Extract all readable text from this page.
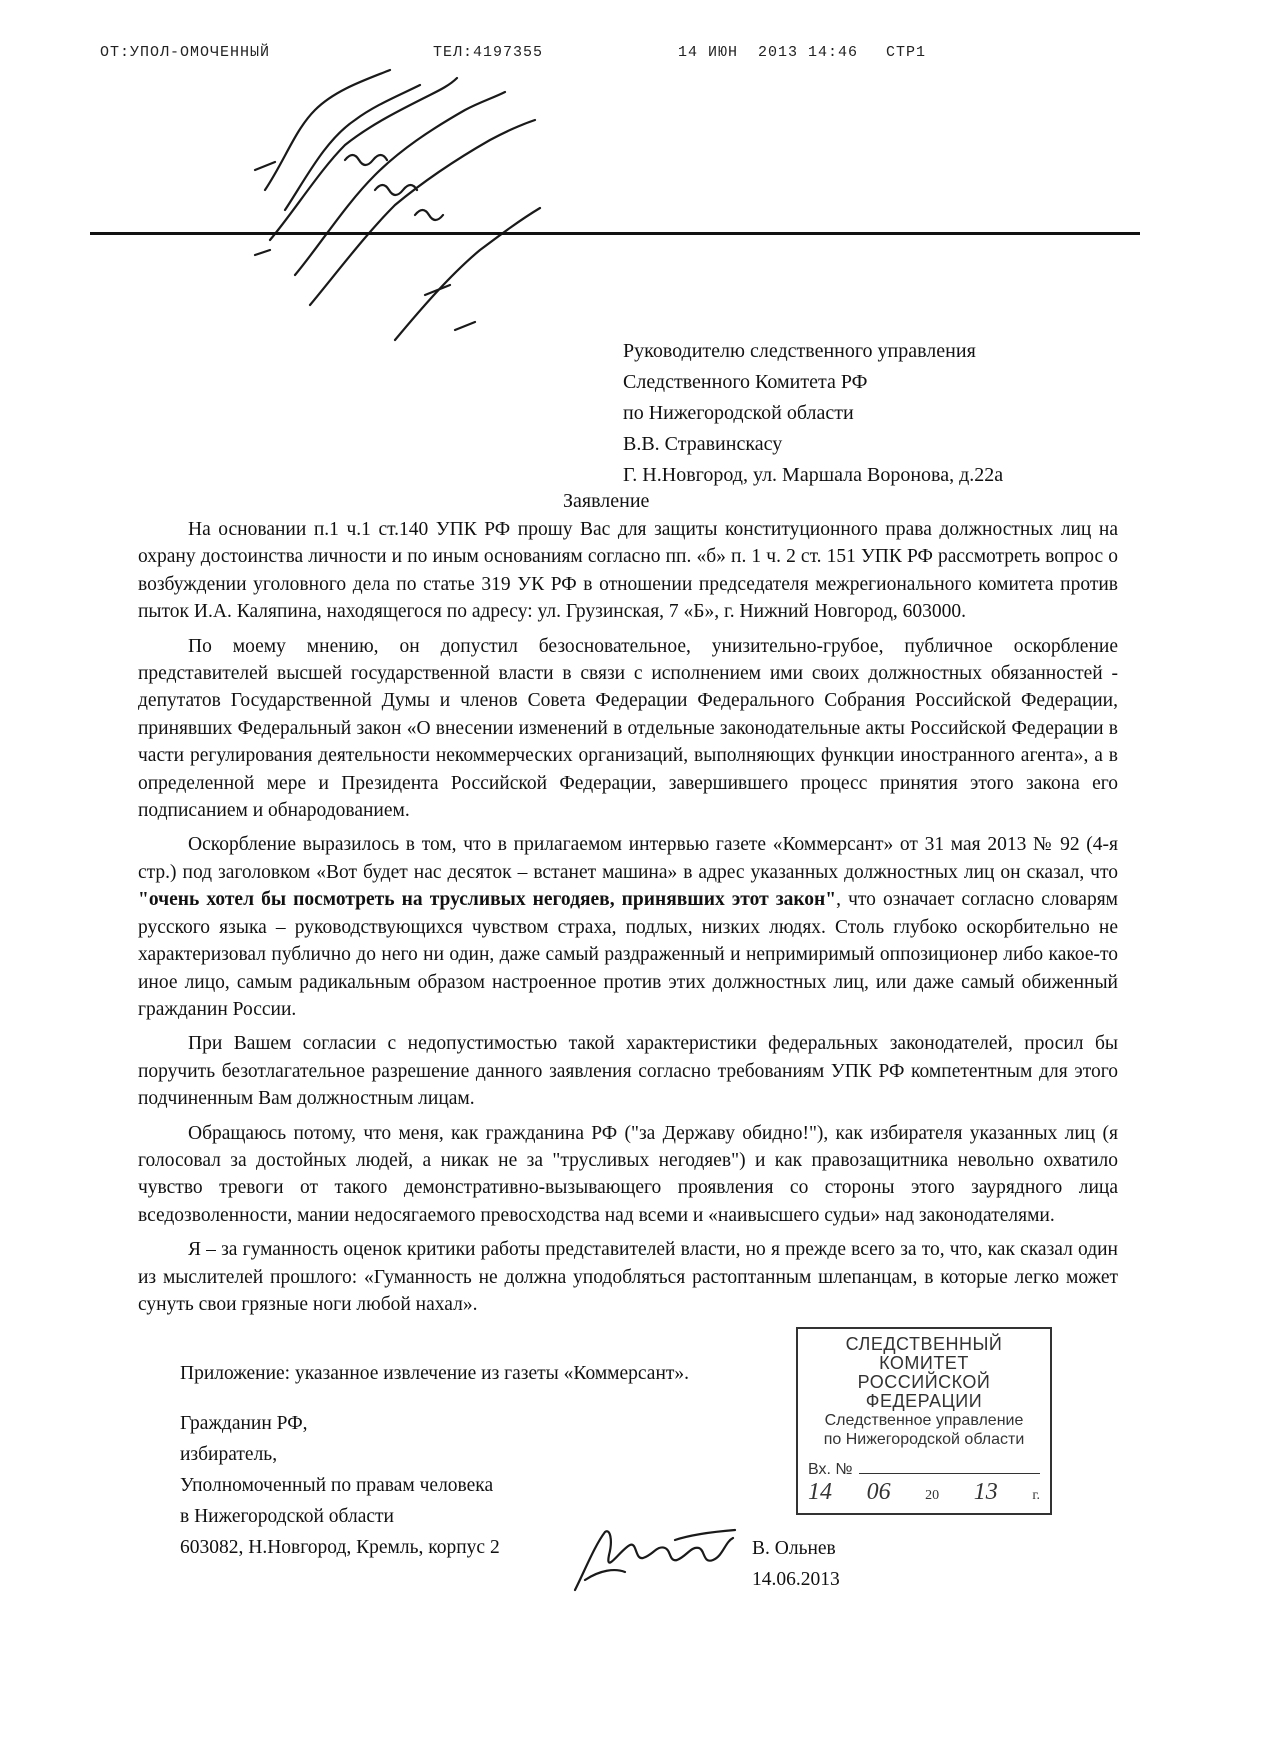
ОТ:УПОЛ-ОМОЧЕННЫЙ	ТЕЛ:4197355	14 ИЮН  2013 14:46 СТР1
Руководителю следственного управления
Следственного Комитета РФ
по Нижегородской области
В.В. Стравинскасу
Г. Н.Новгород, ул. Маршала Воронова, д.22а
Заявление

На основании п.1 ч.1 ст.140 УПК РФ прошу Вас для защиты конституционного права должностных лиц на охрану достоинства личности и по иным основаниям согласно пп. «б» п. 1 ч. 2 ст. 151 УПК РФ рассмотреть вопрос о возбуждении уголовного дела по статье 319 УК РФ в отношении председателя межрегионального комитета против пыток И.А. Каляпина, находящегося по адресу: ул. Грузинская, 7 «Б», г. Нижний Новгород, 603000.

По моему мнению, он допустил безосновательное, унизительно-грубое, публичное оскорбление представителей высшей государственной власти в связи с исполнением ими своих должностных обязанностей - депутатов Государственной Думы и членов Совета Федерации Федерального Собрания Российской Федерации, принявших Федеральный закон «О внесении изменений в отдельные законодательные акты Российской Федерации в части регулирования деятельности некоммерческих организаций, выполняющих функции иностранного агента», а в определенной мере и Президента Российской Федерации, завершившего процесс принятия этого закона его подписанием и обнародованием.

Оскорбление выразилось в том, что в прилагаемом интервью газете «Коммерсант» от 31 мая 2013 № 92 (4-я стр.) под заголовком «Вот будет нас десяток – встанет машина» в адрес указанных должностных лиц он сказал, что "очень хотел бы посмотреть на трусливых негодяев, принявших этот закон", что означает согласно словарям русского языка – руководствующихся чувством страха, подлых, низких людях. Столь глубоко оскорбительно не характеризовал публично до него ни один, даже самый раздраженный и непримиримый оппозиционер либо какое-то иное лицо, самым радикальным образом настроенное против этих должностных лиц, или даже самый обиженный гражданин России.

При Вашем согласии с недопустимостью такой характеристики федеральных законодателей, просил бы поручить безотлагательное разрешение данного заявления согласно требованиям УПК РФ компетентным для этого подчиненным Вам должностным лицам.

Обращаюсь потому, что меня, как гражданина РФ ("за Державу обидно!"), как избирателя указанных лиц (я голосовал за достойных людей, а никак не за "трусливых негодяев") и как правозащитника невольно охватило чувство тревоги от такого демонстративно-вызывающего проявления со стороны этого заурядного лица вседозволенности, мании недосягаемого превосходства над всеми и «наивысшего судьи» над законодателями.

Я – за гуманность оценок критики работы представителей власти, но я прежде всего за то, что, как сказал один из мыслителей прошлого: «Гуманность не должна уподобляться растоптанным шлепанцам, в которые легко может сунуть свои грязные ноги любой нахал».

Приложение: указанное извлечение из газеты «Коммерсант».
Гражданин РФ,
избиратель,
Уполномоченный по правам человека
в Нижегородской области
603082, Н.Новгород, Кремль, корпус 2	В. Ольнев
14.06.2013
СЛЕДСТВЕННЫЙ КОМИТЕТ
РОССИЙСКОЙ ФЕДЕРАЦИИ
Следственное управление
по Нижегородской области
Вх. №
14 06 20 13 г.
